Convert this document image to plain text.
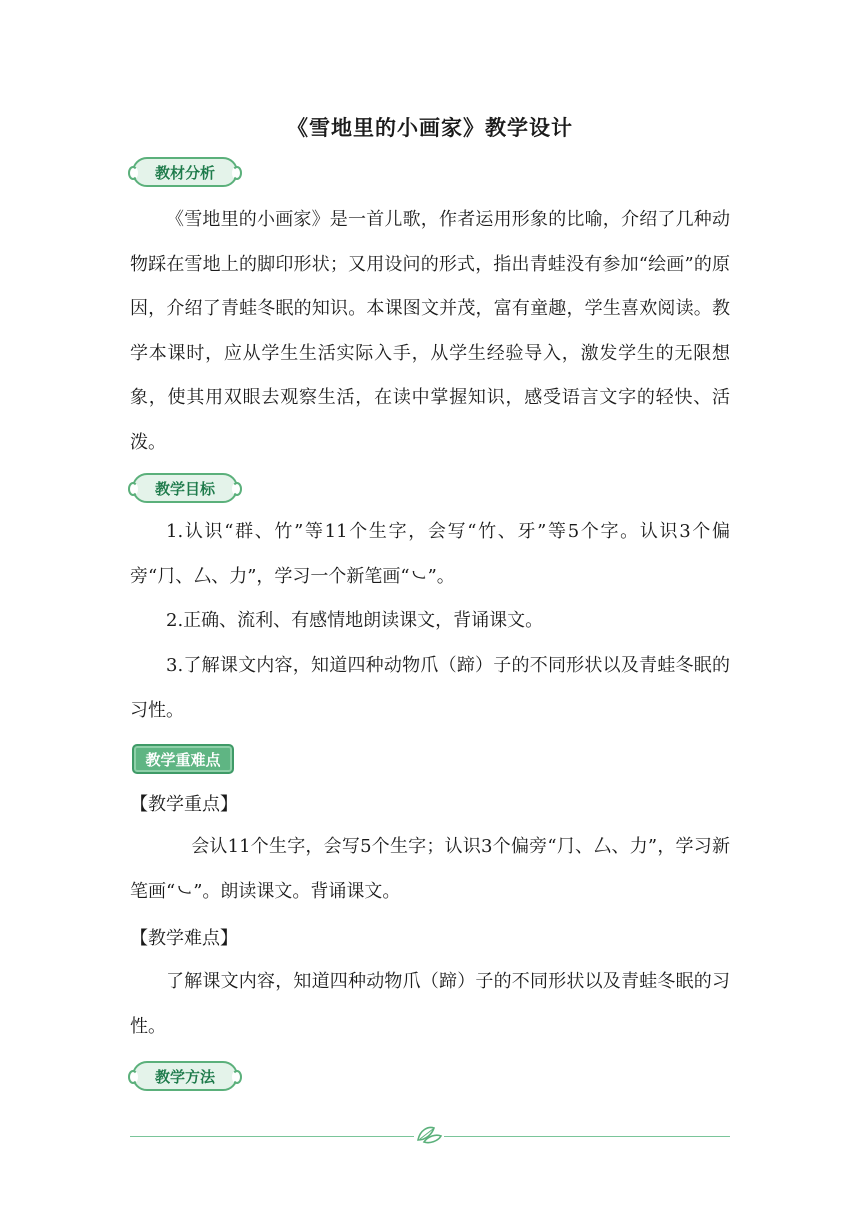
《雪地里的小画家》教学设计
教材分析

《雪地里的小画家》是一首儿歌，作者运用形象的比喻，介绍了几种动物踩在雪地上的脚印形状；又用设问的形式，指出青蛙没有参加“绘画”的原因，介绍了青蛙冬眠的知识。本课图文并茂，富有童趣，学生喜欢阅读。教学本课时，应从学生生活实际入手，从学生经验导入，激发学生的无限想象，使其用双眼去观察生活，在读中掌握知识，感受语言文字的轻快、活泼。

教学目标

1.认识“群、竹”等11个生字，会写“竹、牙”等5个字。认识3个偏旁“⺆、厶、力”，学习一个新笔画“㇃”。

2.正确、流利、有感情地朗读课文，背诵课文。

3.了解课文内容，知道四种动物爪（蹄）子的不同形状以及青蛙冬眠的习性。

教学重难点

【教学重点】

会认11个生字，会写5个生字；认识3个偏旁“⺆、厶、力”，学习新笔画“㇃”。朗读课文。背诵课文。

【教学难点】

了解课文内容，知道四种动物爪（蹄）子的不同形状以及青蛙冬眠的习性。

教学方法
